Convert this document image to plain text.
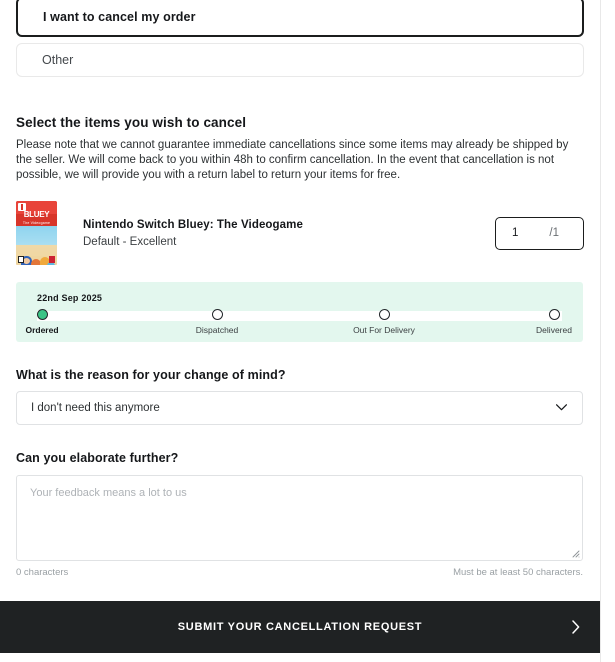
I want to cancel my order
Other
Select the items you wish to cancel
Please note that we cannot guarantee immediate cancellations since some items may already be shipped by the seller. We will come back to you within 48h to confirm cancellation. In the event that cancellation is not possible, we will provide you with a return label to return your items for free.
BLUEY
The Videogame	Nintendo Switch Bluey: The Videogame
Default - Excellent
1	/1
22nd Sep 2025
Ordered	Dispatched	Out For Delivery	Delivered
What is the reason for your change of mind?
I don't need this anymore
Can you elaborate further?
Your feedback means a lot to us
0 characters	Must be at least 50 characters.
SUBMIT YOUR CANCELLATION REQUEST
